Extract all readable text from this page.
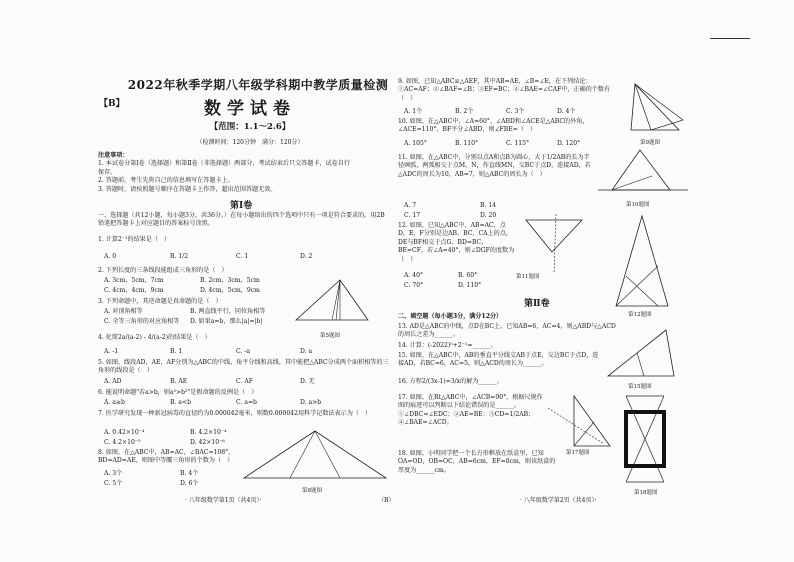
2022年秋季学期八年级学科期中教学质量检测
【B】	数学试卷
【范围：1.1～2.6】
（检测时间：120分钟　满分：120分）
注意事项：
1. 本试卷分第Ⅰ卷（选择题）和第Ⅱ卷（非选择题）两部分，考试结束后只交答题卡，试卷自行
保存。
2. 答题前，考生先将自己的信息填写在答题卡上。
3. 答题时，请按照题号顺序在答题卡上作答，超出范围答题无效。
第Ⅰ卷
一、选择题（共12小题，每小题3分，共36分。）在每小题给出的四个选项中只有一项是符合要求的。用2B铅笔把答题卡上对应题目的答案标号涂黑。
1. 计算2⁻¹的结果是（　）
A. 0	B. 1/2	C. 1	D. 2
2. 下列长度的三条线段能组成三角形的是（　）
A. 3cm，5cm，7cm	B. 2cm，3cm，5cm
C. 4cm，4cm，9cm	D. 4cm，5cm，9cm
3. 下列命题中，其逆命题是真命题的是（　）
A. 对顶角相等	B. 两直线平行，同位角相等
C. 全等三角形的对应角相等 D. 如果a=b，那么|a|=|b|
第5题图
4. 化简2a/(a-2) - 4/(a-2)的结果是（　）
A. -1	B. 1	C. -a	D. a
5. 如图，线段AD，AE，AF分别为△ABC的中线，角平分线和高线，其中能把△ABC分成两个面积相等的三角形的线段是（　）
A. AD	B. AE	C. AF	D. 无
6. 能说明命题"若a>b，则a²>b²"是假命题的反例是（　）
A. a≥b	B. a<b	C. a=b	D. a>b
7. 医学研究发现一种新冠病毒的直径约为0.000042毫米，则数0.000042用科学记数法表示为（　）
A. 0.42×10⁻⁴	B. 4.2×10⁻⁴
C. 4.2×10⁻⁵	D. 42×10⁻⁶
8. 如图，在△ABC中，AB=AC，∠BAC=108°，BD=AD=AE，则图中等腰三角形的个数为（　）
A. 3个	B. 4个
C. 5个	D. 6个
第8题图
9. 如图，已知△ABC≌△AEF，其中AB=AE，∠B=∠E，在下列结论：①AC=AF；②∠BAF=∠B；③EF=BC；④∠BAE=∠CAF中，正确的个数有（　）
A. 1个	B. 2个	C. 3个	D. 4个
第9题图
10. 如图，在△ABC中，∠A=60°，∠ABD和∠ACE是△ABC的外角，∠ACE=110°，BF平分∠ABD，则∠FBE=（　）
A. 105°	B. 110°	C. 115°	D. 120°
第10题图
11. 如图，在△ABC中，分别以点A和点B为圆心，大于1/2AB的长为半径画弧，两弧相交于点M，N，作直线MN，交BC于点D，连接AD，若△ADC的周长为10，AB=7，则△ABC的周长为（　）
A. 7	B. 14
C. 17	D. 20
第11题图
12. 如图，已知△ABC中，AB=AC，点D，E，F分别是边AB，BC，CA上的点，DE与BF相交于点G，BD=BC，BE=CF，若∠A=40°，则∠DGF的度数为（　）
A. 40°	B. 60°
C. 70°	D. 110°
第12题图
第Ⅱ卷
二、填空题（每小题3分，满分12分）
13. AD是△ABC的中线，点D在BC上，已知AB=6，AC=4，则△ABD与△ACD的周长之差为______。
14. 计算：(-2022)⁰+2⁻¹=______。
15. 如图，在△ABC中，AB的垂直平分线交AB于点E，交边BC于点D，连接AD，若BC=6，AC=5，则△ACD的周长为______。
第15题图
16. 方程2/(3x-1)=3/x的解为______。
17. 如图，在Rt△ABC中，∠ACB=90°，根据尺规作图的痕迹可以判断以下结论错误的是______。①∠DBC=∠EDC；②AE=BE；③CD=1/2AB；④∠BAE=∠ACD。
第17题图
18. 如图，小明同学把一个长方形框放在纸盒里，已知OA=OD，OB=OC，AB=6cm，EF=8cm，则该纸盒的厚度为______cm。
第18题图
· 八年级数学第1页（共4页）·	（B）	· 八年级数学第2页（共4页）·
